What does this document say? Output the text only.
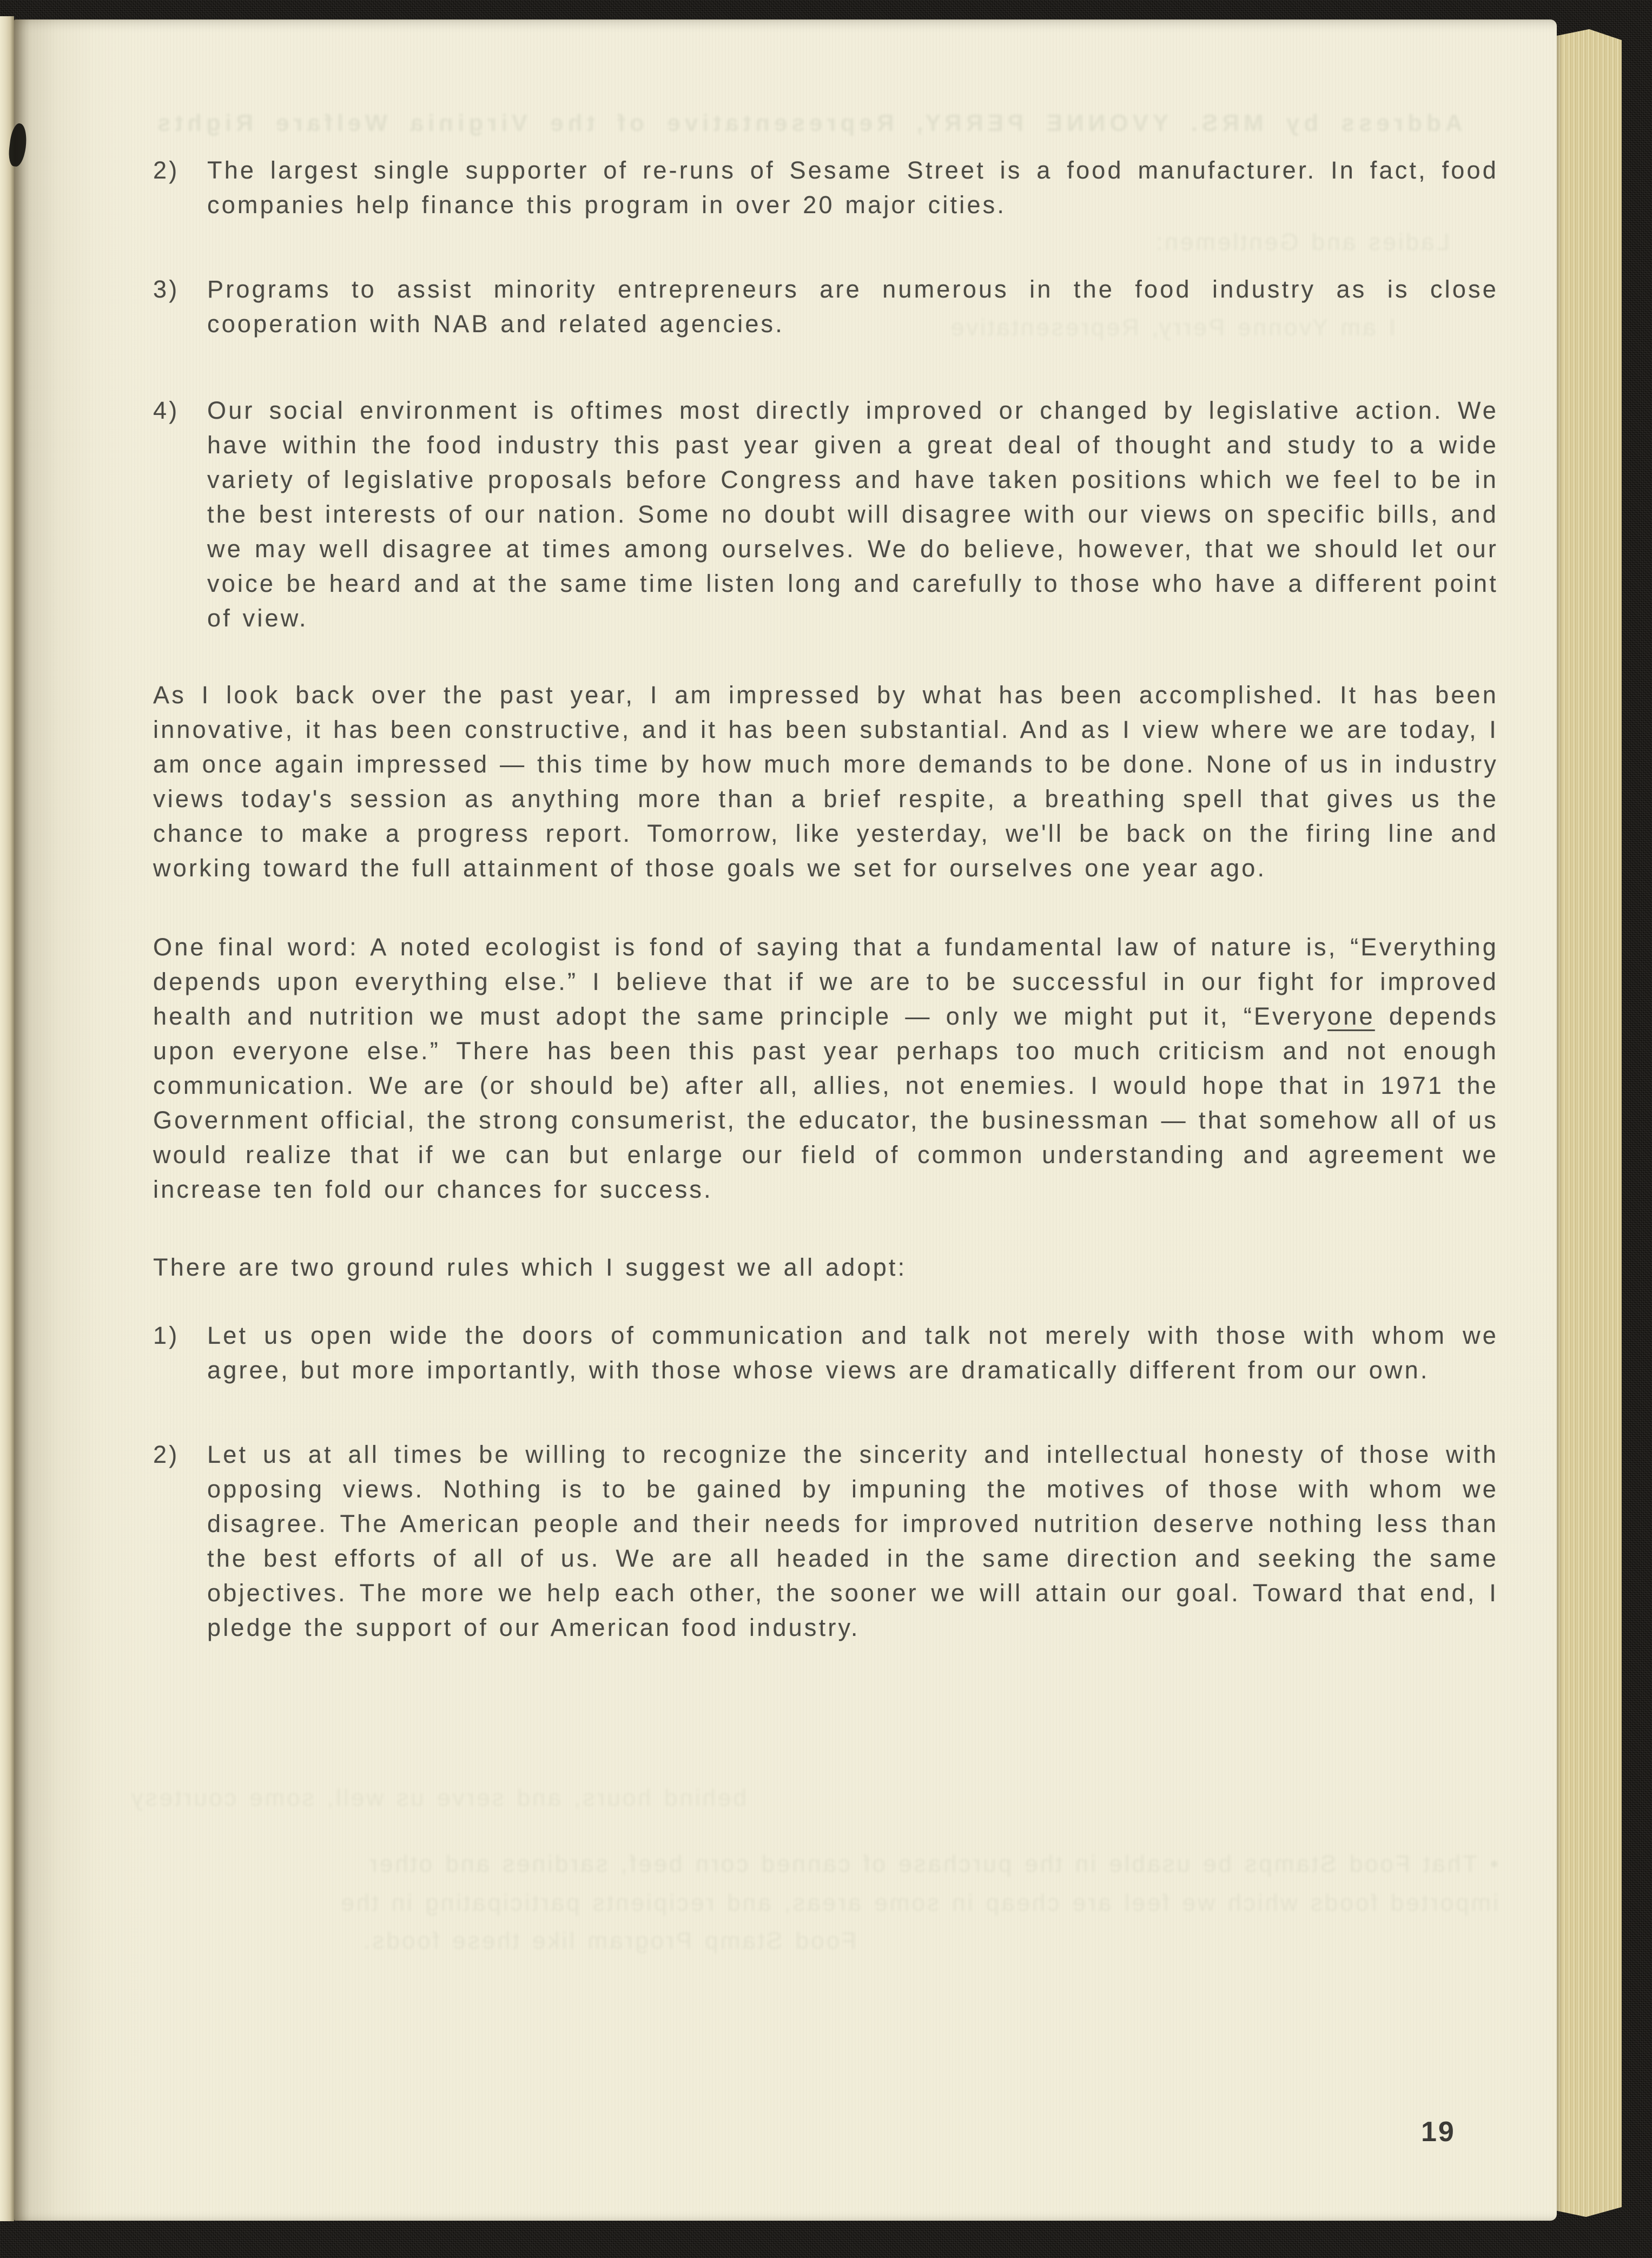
Address by MRS. YVONNE PERRY, Representative of the Virginia Welfare Rights
Ladies and Gentlemen:
I am Yvonne Perry, Representative
2)	The largest single supporter of re-runs of Sesame Street is a food manufacturer. In fact, food companies help finance this program in over 20 major cities.
3)	Programs to assist minority entrepreneurs are numerous in the food industry as is close cooperation with NAB and related agencies.
4)	Our social environment is oftimes most directly improved or changed by legislative action. We have within the food industry this past year given a great deal of thought and study to a wide variety of legislative proposals before Congress and have taken positions which we feel to be in the best interests of our nation. Some no doubt will disagree with our views on specific bills, and we may well disagree at times among ourselves. We do believe, however, that we should let our voice be heard and at the same time listen long and carefully to those who have a different point of view.
As I look back over the past year, I am impressed by what has been accomplished. It has been innovative, it has been constructive, and it has been substantial. And as I view where we are today, I am once again impressed — this time by how much more demands to be done. None of us in industry views today's session as anything more than a brief respite, a breathing spell that gives us the chance to make a progress report. Tomorrow, like yesterday, we'll be back on the firing line and working toward the full attainment of those goals we set for ourselves one year ago.
One final word: A noted ecologist is fond of saying that a fundamental law of nature is, “Everything depends upon everything else.” I believe that if we are to be successful in our fight for improved health and nutrition we must adopt the same principle — only we might put it, “Everyone depends upon everyone else.” There has been this past year perhaps too much criticism and not enough communication. We are (or should be) after all, allies, not enemies. I would hope that in 1971 the Government official, the strong consumerist, the educator, the businessman — that somehow all of us would realize that if we can but enlarge our field of common understanding and agreement we increase ten fold our chances for success.
There are two ground rules which I suggest we all adopt:
1)	Let us open wide the doors of communication and talk not merely with those with whom we agree, but more importantly, with those whose views are dramatically different from our own.
2)	Let us at all times be willing to recognize the sincerity and intellectual honesty of those with opposing views. Nothing is to be gained by impuning the motives of those with whom we disagree. The American people and their needs for improved nutrition deserve nothing less than the best efforts of all of us. We are all headed in the same direction and seeking the same objectives. The more we help each other, the sooner we will attain our goal. Toward that end, I pledge the support of our American food industry.
behind hours, and serve us well, some courtesy
• That Food Stamps be usable in the purchase of canned corn beef, sardines and other
imported foods which we feel are cheap in some areas, and recipients participating in the
Food Stamp Program like these foods.
19
